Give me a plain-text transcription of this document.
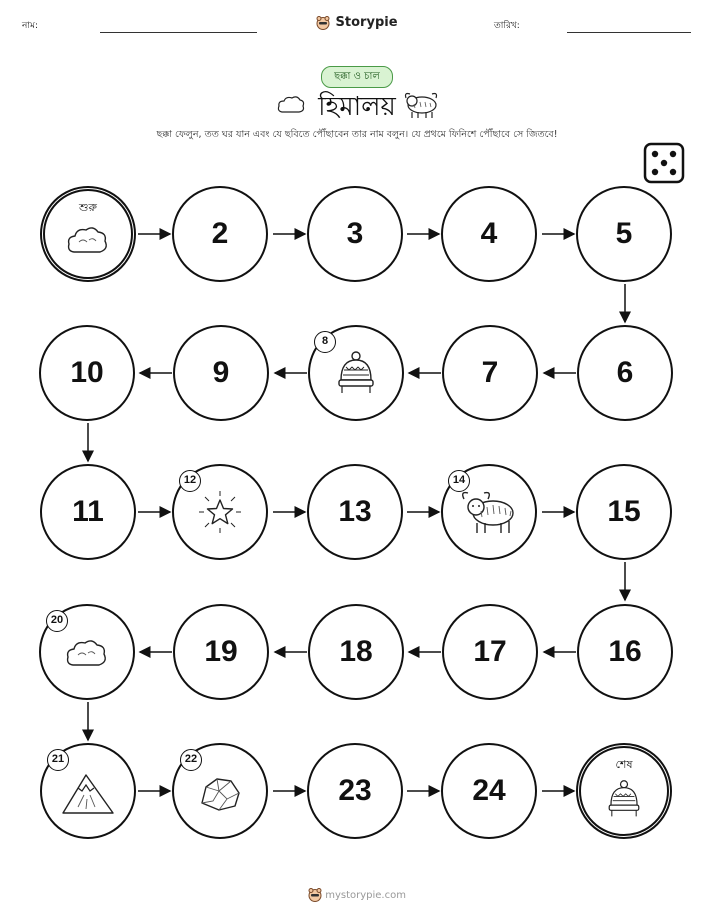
নাম:	Storypie	তারিখ:
ছক্কা ও চাল
হিমালয়
ছক্কা ফেলুন, তত ঘর যান এবং যে ছবিতে পৌঁছাবেন তার নাম বলুন। যে প্রথমে ফিনিশে পৌঁছাবে সে জিতবে!
শুরু
2	3	4	5
10	9
8
7	6
11
12
13
14
15
20
19	18	17	16
21	22
23	24
শেষ
mystorypie.com
